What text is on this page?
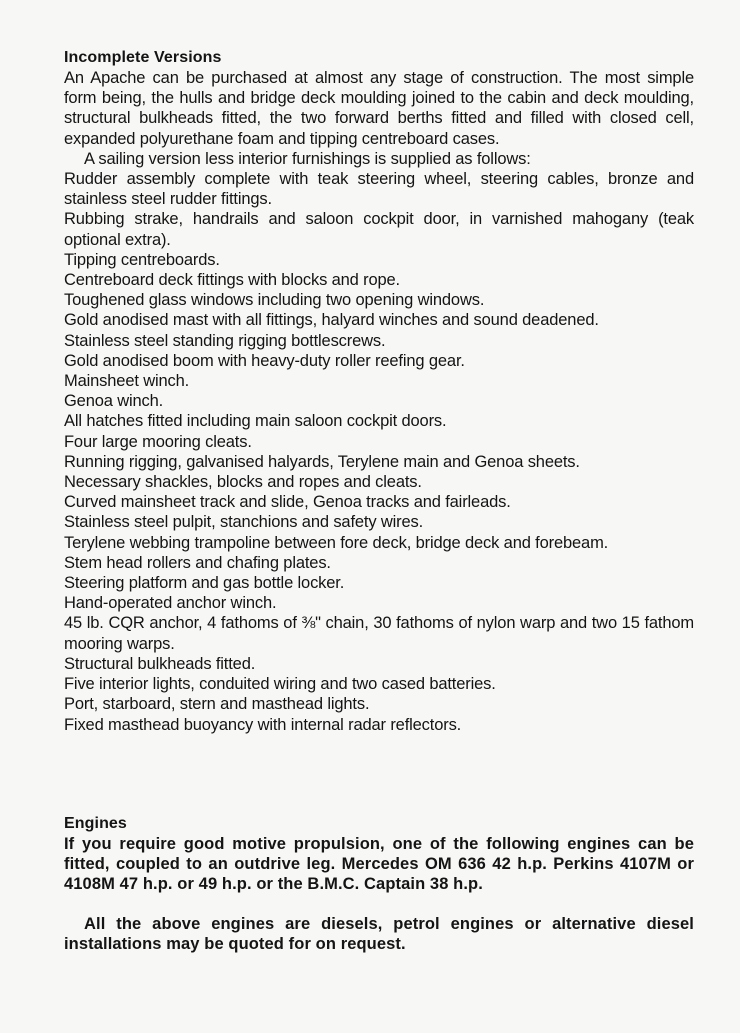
Incomplete Versions
An Apache can be purchased at almost any stage of construction. The most simple form being, the hulls and bridge deck moulding joined to the cabin and deck moulding, structural bulkheads fitted, the two forward berths fitted and filled with closed cell, expanded polyurethane foam and tipping centreboard cases.
A sailing version less interior furnishings is supplied as follows:
Rudder assembly complete with teak steering wheel, steering cables, bronze and stainless steel rudder fittings.
Rubbing strake, handrails and saloon cockpit door, in varnished mahogany (teak optional extra).
Tipping centreboards.
Centreboard deck fittings with blocks and rope.
Toughened glass windows including two opening windows.
Gold anodised mast with all fittings, halyard winches and sound deadened.
Stainless steel standing rigging bottlescrews.
Gold anodised boom with heavy-duty roller reefing gear.
Mainsheet winch.
Genoa winch.
All hatches fitted including main saloon cockpit doors.
Four large mooring cleats.
Running rigging, galvanised halyards, Terylene main and Genoa sheets.
Necessary shackles, blocks and ropes and cleats.
Curved mainsheet track and slide, Genoa tracks and fairleads.
Stainless steel pulpit, stanchions and safety wires.
Terylene webbing trampoline between fore deck, bridge deck and forebeam.
Stem head rollers and chafing plates.
Steering platform and gas bottle locker.
Hand-operated anchor winch.
45 lb. CQR anchor, 4 fathoms of ⅜" chain, 30 fathoms of nylon warp and two 15 fathom mooring warps.
Structural bulkheads fitted.
Five interior lights, conduited wiring and two cased batteries.
Port, starboard, stern and masthead lights.
Fixed masthead buoyancy with internal radar reflectors.
Engines
If you require good motive propulsion, one of the following engines can be fitted, coupled to an outdrive leg. Mercedes OM 636 42 h.p. Perkins 4107M or 4108M 47 h.p. or 49 h.p. or the B.M.C. Captain 38 h.p.
All the above engines are diesels, petrol engines or alternative diesel installations may be quoted for on request.
